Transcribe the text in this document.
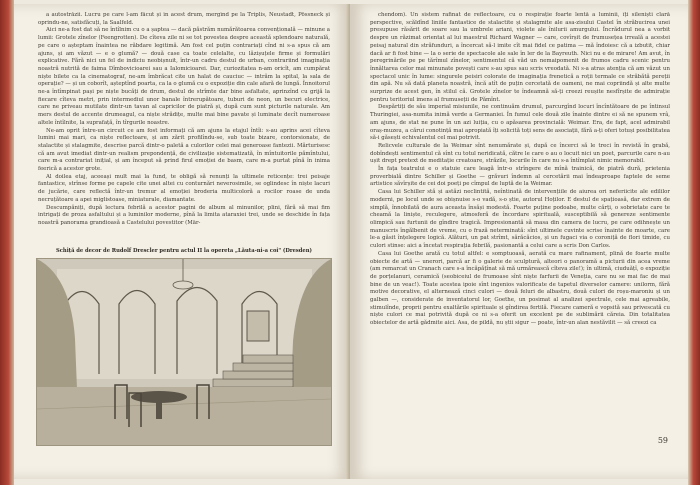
a autostrăzii. Lucru pe care l-am făcut și în acest drum, mergînd pe la Triplis, Neustadt, Pössneck și oprindu-ne, satisfăcuți, la Saalfeld.

Aici ne-a fost dat să ne întîlnim cu o a șaptea — dacă păstrăm numărătoarea convențională — minune a lumii: Grotele zînelor (Feengrotten). De cîteva zile ni se tot povestea despre această splendoare naturală, pe care o așteptam înaintea ne răbdare legitimă. Am fost cel puțin contrariați cînd ni s-a spus că am ajuns, și am văzut — e o glumă? — două case ca toate celelalte, cu lăzișuțele firme și formulări explicative. Fără nici un fel de indiciu neobișnuit, într-un cadru destul de urban, contrariind imaginația noastră nutrită de faima Dîmbovicioarei sau a Ialomicioarei. Dar, curiozitatea n-am oricît, am cumpărat niște bilete ca la cinematograf, ne-am îmbrăcat cite un halat de cauciuc — intrăm la spital, la sala de operație? — și un coborît, așteptînd poarta, ca la o glumă cu o expoziție din cale afară de lungă. Înnoitorul ne-a întîmpinat pași pe niște bucăți de drum, destul de strîmte dar bine asfaltate, aprinzînd cu grijă la fiecare cîteva metri, prin intermediul unor banale întrerupătoare, tuburi de neon, un becuri electrice, care ne priveau mutilate dintr-un tavan al capricilor de piatră și, după cum sunt picturile naturale. Am mers destul de accente drumeagul, ca niște strădițe, multe mai bine pavate și luminate decît numeroase altele întîlnite, la suprafață, în tîrgurile noastre.

Ne-am oprit între-un circuit ce am fost informați că am ajuns la etajul întîi: s-au aprins acei cîteva lumini mai mari, ca niște reflectoare, și am zărit profilîndu-se, sub toate bizare, contorsionate, de stalactite și stalagmite, descrise parcă dintr-o paletă a culorilor celei mai generoase fantezii. Mărturisesc că am avut imediat dintr-un realism prepondență, de civilizație sistematizată, în mîntuitorile pămîntului, care m-a contrariat inițial, și am început să prind firul emoției de basm, care m-a purtat pînă în inima feerică a acestor grote.

Al doilea etaj, aceeași mult mai la fund, te obligă să renunți la ultimele reticențe: trei peisaje fantastice, strînse forme pe capele cite unei altei cu conturnări neverosimile, se oglindesc în niște lacuri de jucărie, care reflectă într-un tremur al emoției broderia multicoloră a rocilor roase de unda necruțătoare a apei miglistoase, miniaturale, diamantate.

Descumpăniți, după lectura febrilă a acestor pagini de album al minunilor, plini, fără să mai fim intrigați de proza asfaltului și a luminilor moderne, pînă la limita ataraxiei trei, unde se deschide în fața noastră panorama grandioasă a Castelului povestitor (Mär-

Schiță de decor de Rudolf Drescler pentru actul II la opereta „Lăuta-ni-a coi" (Dresden)

chendom). Un sistem rafinat de reflectoare, cu o respirație foarte lentă a luminii, îți sileniști clară perspective, scăldînd liniile fantastice de stalactite și stalagmite ale asa-zisului Castel în străbucirea unei presupuse răsărit de soare sau la umbrele ariani, violete ale înilurii amurgului. Încrădurul nea a vorbit despre un răzimat orientat al lui maestrul Richard Wagner — care, covîrșit de frumusețea irreală a acestei peisaj natural din străfunduri, a încercat să-l imite cît mai fidel ce patima — mă îndoiesc că a izbutit, chiar dacă ar fi fost bine — la o serie de spectacole ale sale în ler de la Bayreuth. Nici nu e de mirare! Am avut, în peregrinările pe pe tărîmul zînelor, sentimentul că văd un nemaipomenit de frumos cadru scenic pentru înnăltarea celor mai minunate povești care s-au spus sau scris vreodată. Ni s-a atras atenția că am văzut un spectacol unic în lume: singurele peisiri colorate de imaginația frenetică a roții termale ce străbătă pereții din apă. Nu să dată planeta noastră, încă atît de puțin cercetată de oameni, ne mai copriindă și alte multe surprize de acest gen, în stilul că. Grotele zînelor te îndeamnă să-ți creezi reușite nesfîrșite de admirație pentru teritoriul imens al frumuseții de Pămînt.

Despărtiți de său imperial misiunile, ne continuăm drumul, parcurgînd locuri încîntătoare de pe întinsul Thuringiei, asa-numita inimă verde a Germaniei. În fumul cele două zile înainte dintre ei să ne spunem vrâ, am ajuns, de stat ne pune în un azi luiția, cu o apăsarea provincială: Weimar. Era, de fapt, acel admirabil oraș-muzeu, a cărui conotință mai apropiată îți solicită toți sens de asociații, fără a-ți oferi totuși posibilitatea să-i găsești echivalentul cel mai potrivit.

Relicvele culturale de la Weimar sînt nenumărate și, după ce încerci să le treci în revistă în grabă, dobîndești sentimentul că sînt cu totul neridicată, către le care o au o locuit nici un poet, parcurile care n-au ușit drept pretext de meditație creatoare, străzile, locurile în care nu s-a întîmplat nimic memorabil.

În fața teatrului e o statuie care leagă într-o strîngere de mînă trainică, de piatră dură, prietenia proverbială dintre Schiller și Goethe — grăvuri îndemn al cercetării mai îndeaproape faptele de seme artistice săvîrșite de cei doi poeți pe cîmpul de luptă de la Weimar.

Casa lui Schiller stă și astăzi neclintită, neîntinată de intervențiile de aiurea ori neferiicite ale edililor moderni, pe locul unde se obișnuise s-o vadă, s-o știe, autorul Hoților. E destul de spațioasă, dar extrem de simplă, înnobilată de aura aceasta însăși modestă. Foarte puține podoabe, multe cărți, o sobrietate care te cheamă la liniște, reculegere, atmosferă de încordare spirituală, susceptibilă să genereze sentimente olimpică sau furtunii de gîndire tragică. Impresionantă să masa din camera de lucru, pe care odihnește un manuscris îngălbenit de vreme, cu o frază neterminată: sînt ultimele cuvinte scrise înainte de moarte, care le-a găsit înțelegere logică. Alături, un pat strîmt, sărăcăcios, și un fugaci via o coroniță de flori timide, cu culori stinse: aici a încetat respirația febrilă, pasionantă a celui care a scris Don Carlos.

Casa lui Goethe arată cu totul altfel: e somptuoasă, aerată cu mare rafinament, plină de foarte multe obiecte de artă — unerori, parcă ar fi o galerie de sculptură, alteori o panoramă a picturii din acea vreme (am remarcat un Cranach care s-a încăpățînat să mă urmărească cîteva zile!); în ultimă, ciuduățî, o expoziție de porțelanuri, ceramică (seobiceiul de frumoase sînt niște farfurii de Veneția, care nu se mai fac de mai bine de un veac!). Toate acestea ipoie sînt ingenios valorificate de tapetul diverselor camere: unilorm, fără motive decorative, el alternează cinci culori — două feluri de albastru, două culori de roșu-maroniu și un galben —, considerate de inventatorul lor, Goethe, un posimat al analizei spectrale, cele mai agreabile, stimulînde, proprii pentru exaltările spirituale și gîndirea fertilă. Fiecare cameră e vopsită sau privescată cu niște culori ce mai potrivită după ce ni s-a oferit un excelent pe de sublimării căreia. Din totalitatea obiectelor de artă gădmite aici. Asa, de pildă, nu știi sigur — poate, într-un alan nestăvilit — să creezi ca

59
